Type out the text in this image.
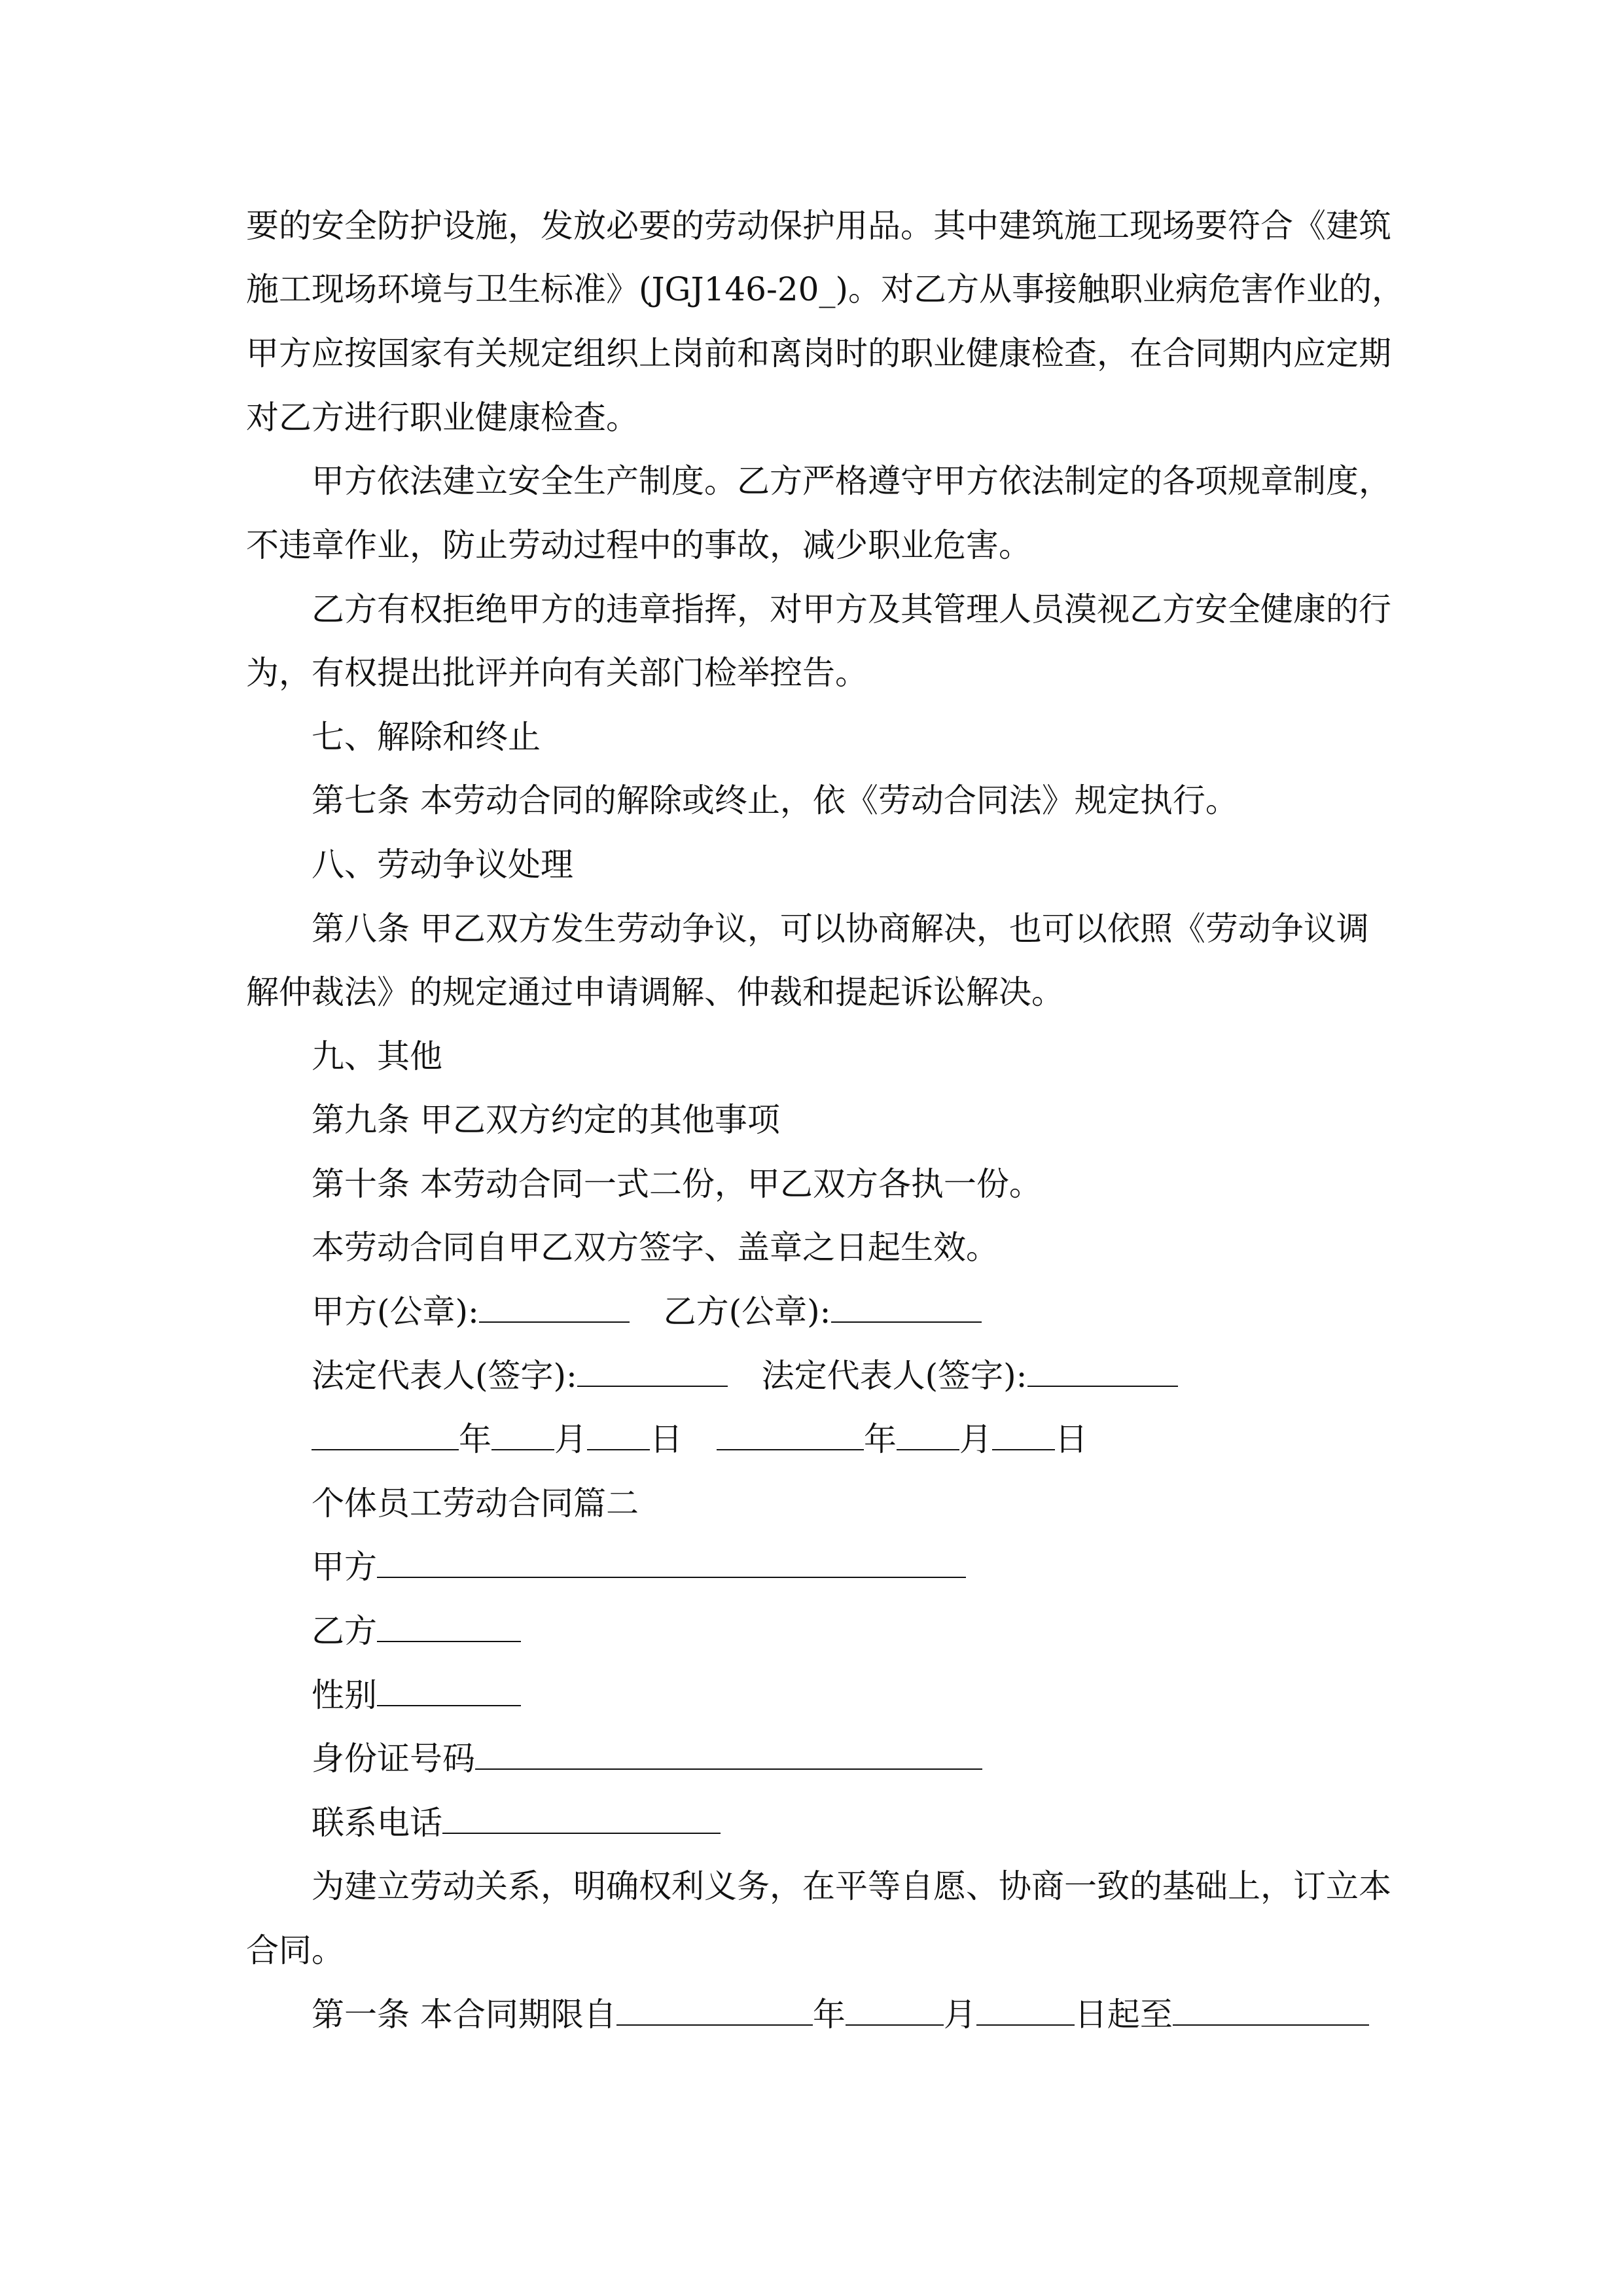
要的安全防护设施，发放必要的劳动保护用品。其中建筑施工现场要符合《建筑
施工现场环境与卫生标准》(JGJ146-20_)。对乙方从事接触职业病危害作业的，
甲方应按国家有关规定组织上岗前和离岗时的职业健康检查，在合同期内应定期
对乙方进行职业健康检查。
甲方依法建立安全生产制度。乙方严格遵守甲方依法制定的各项规章制度，
不违章作业，防止劳动过程中的事故，减少职业危害。
乙方有权拒绝甲方的违章指挥，对甲方及其管理人员漠视乙方安全健康的行
为，有权提出批评并向有关部门检举控告。
七、解除和终止
第七条 本劳动合同的解除或终止，依《劳动合同法》规定执行。
八、劳动争议处理
第八条 甲乙双方发生劳动争议，可以协商解决，也可以依照《劳动争议调
解仲裁法》的规定通过申请调解、仲裁和提起诉讼解决。
九、其他
第九条 甲乙双方约定的其他事项
第十条 本劳动合同一式二份，甲乙双方各执一份。
本劳动合同自甲乙双方签字、盖章之日起生效。
甲方(公章):	乙方(公章):
法定代表人(签字):	法定代表人(签字):
年 月 日	年 月 日
个体员工劳动合同篇二
甲方
乙方
性别
身份证号码
联系电话
为建立劳动关系，明确权利义务，在平等自愿、协商一致的基础上，订立本
合同。
第一条 本合同期限自	年	月	日起至
